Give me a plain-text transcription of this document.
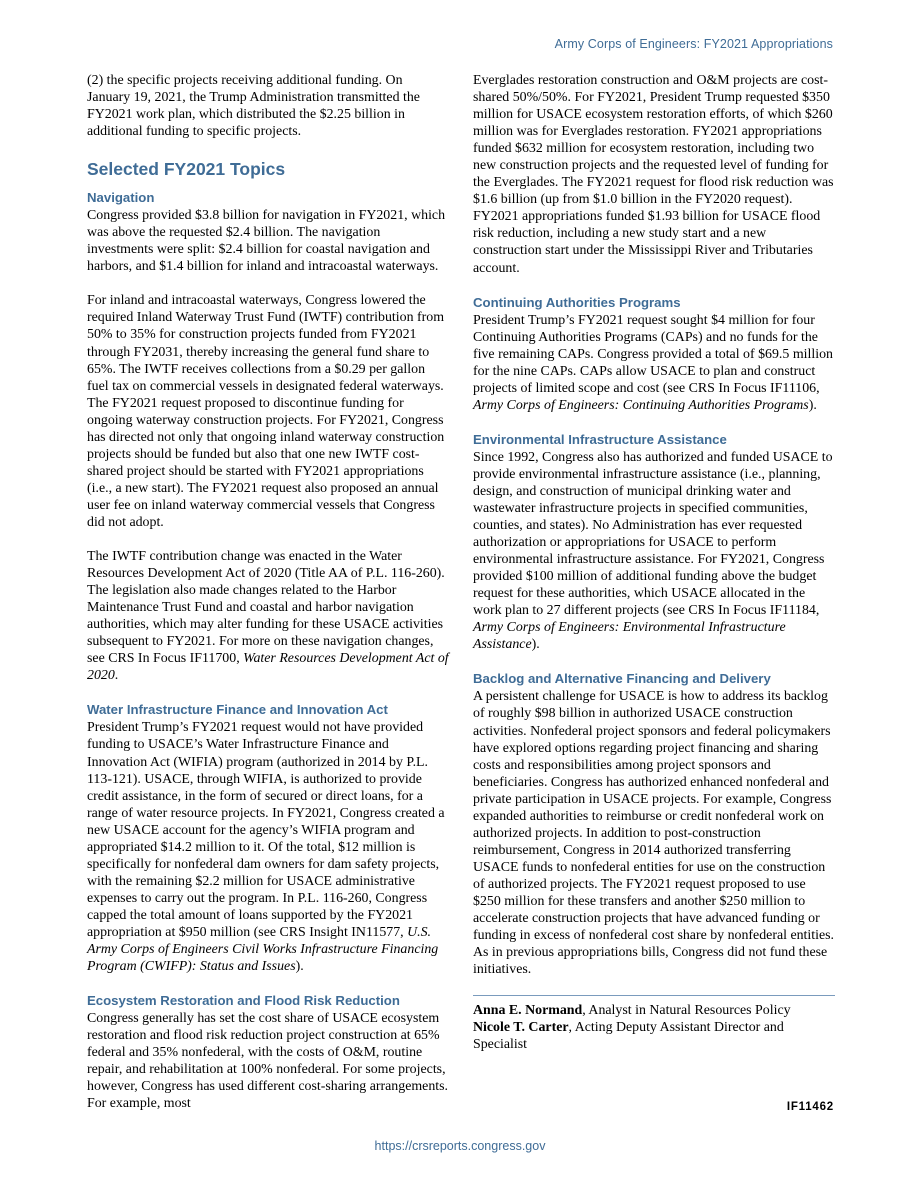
Army Corps of Engineers: FY2021 Appropriations

(2) the specific projects receiving additional funding. On January 19, 2021, the Trump Administration transmitted the FY2021 work plan, which distributed the $2.25 billion in additional funding to specific projects.

Selected FY2021 Topics
Navigation

Congress provided $3.8 billion for navigation in FY2021, which was above the requested $2.4 billion. The navigation investments were split: $2.4 billion for coastal navigation and harbors, and $1.4 billion for inland and intracoastal waterways.

For inland and intracoastal waterways, Congress lowered the required Inland Waterway Trust Fund (IWTF) contribution from 50% to 35% for construction projects funded from FY2021 through FY2031, thereby increasing the general fund share to 65%. The IWTF receives collections from a $0.29 per gallon fuel tax on commercial vessels in designated federal waterways. The FY2021 request proposed to discontinue funding for ongoing waterway construction projects. For FY2021, Congress has directed not only that ongoing inland waterway construction projects should be funded but also that one new IWTF cost-shared project should be started with FY2021 appropriations (i.e., a new start). The FY2021 request also proposed an annual user fee on inland waterway commercial vessels that Congress did not adopt.

The IWTF contribution change was enacted in the Water Resources Development Act of 2020 (Title AA of P.L. 116-260). The legislation also made changes related to the Harbor Maintenance Trust Fund and coastal and harbor navigation authorities, which may alter funding for these USACE activities subsequent to FY2021. For more on these navigation changes, see CRS In Focus IF11700, Water Resources Development Act of 2020.

Water Infrastructure Finance and Innovation Act

President Trump’s FY2021 request would not have provided funding to USACE’s Water Infrastructure Finance and Innovation Act (WIFIA) program (authorized in 2014 by P.L. 113-121). USACE, through WIFIA, is authorized to provide credit assistance, in the form of secured or direct loans, for a range of water resource projects. In FY2021, Congress created a new USACE account for the agency’s WIFIA program and appropriated $14.2 million to it. Of the total, $12 million is specifically for nonfederal dam owners for dam safety projects, with the remaining $2.2 million for USACE administrative expenses to carry out the program. In P.L. 116-260, Congress capped the total amount of loans supported by the FY2021 appropriation at $950 million (see CRS Insight IN11577, U.S. Army Corps of Engineers Civil Works Infrastructure Financing Program (CWIFP): Status and Issues).

Ecosystem Restoration and Flood Risk Reduction

Congress generally has set the cost share of USACE ecosystem restoration and flood risk reduction project construction at 65% federal and 35% nonfederal, with the costs of O&M, routine repair, and rehabilitation at 100% nonfederal. For some projects, however, Congress has used different cost-sharing arrangements. For example, most

Everglades restoration construction and O&M projects are cost-shared 50%/50%. For FY2021, President Trump requested $350 million for USACE ecosystem restoration efforts, of which $260 million was for Everglades restoration. FY2021 appropriations funded $632 million for ecosystem restoration, including two new construction projects and the requested level of funding for the Everglades. The FY2021 request for flood risk reduction was $1.6 billion (up from $1.0 billion in the FY2020 request). FY2021 appropriations funded $1.93 billion for USACE flood risk reduction, including a new study start and a new construction start under the Mississippi River and Tributaries account.

Continuing Authorities Programs

President Trump’s FY2021 request sought $4 million for four Continuing Authorities Programs (CAPs) and no funds for the five remaining CAPs. Congress provided a total of $69.5 million for the nine CAPs. CAPs allow USACE to plan and construct projects of limited scope and cost (see CRS In Focus IF11106, Army Corps of Engineers: Continuing Authorities Programs).

Environmental Infrastructure Assistance

Since 1992, Congress also has authorized and funded USACE to provide environmental infrastructure assistance (i.e., planning, design, and construction of municipal drinking water and wastewater infrastructure projects in specified communities, counties, and states). No Administration has ever requested authorization or appropriations for USACE to perform environmental infrastructure assistance. For FY2021, Congress provided $100 million of additional funding above the budget request for these authorities, which USACE allocated in the work plan to 27 different projects (see CRS In Focus IF11184, Army Corps of Engineers: Environmental Infrastructure Assistance).

Backlog and Alternative Financing and Delivery

A persistent challenge for USACE is how to address its backlog of roughly $98 billion in authorized USACE construction activities. Nonfederal project sponsors and federal policymakers have explored options regarding project financing and sharing costs and responsibilities among project sponsors and beneficiaries. Congress has authorized enhanced nonfederal and private participation in USACE projects. For example, Congress expanded authorities to reimburse or credit nonfederal work on authorized projects. In addition to post-construction reimbursement, Congress in 2014 authorized transferring USACE funds to nonfederal entities for use on the construction of authorized projects. The FY2021 request proposed to use $250 million for these transfers and another $250 million to accelerate construction projects that have advanced funding or funding in excess of nonfederal cost share by nonfederal entities. As in previous appropriations bills, Congress did not fund these initiatives.

Anna E. Normand, Analyst in Natural Resources Policy
Nicole T. Carter, Acting Deputy Assistant Director and Specialist
IF11462
https://crsreports.congress.gov
